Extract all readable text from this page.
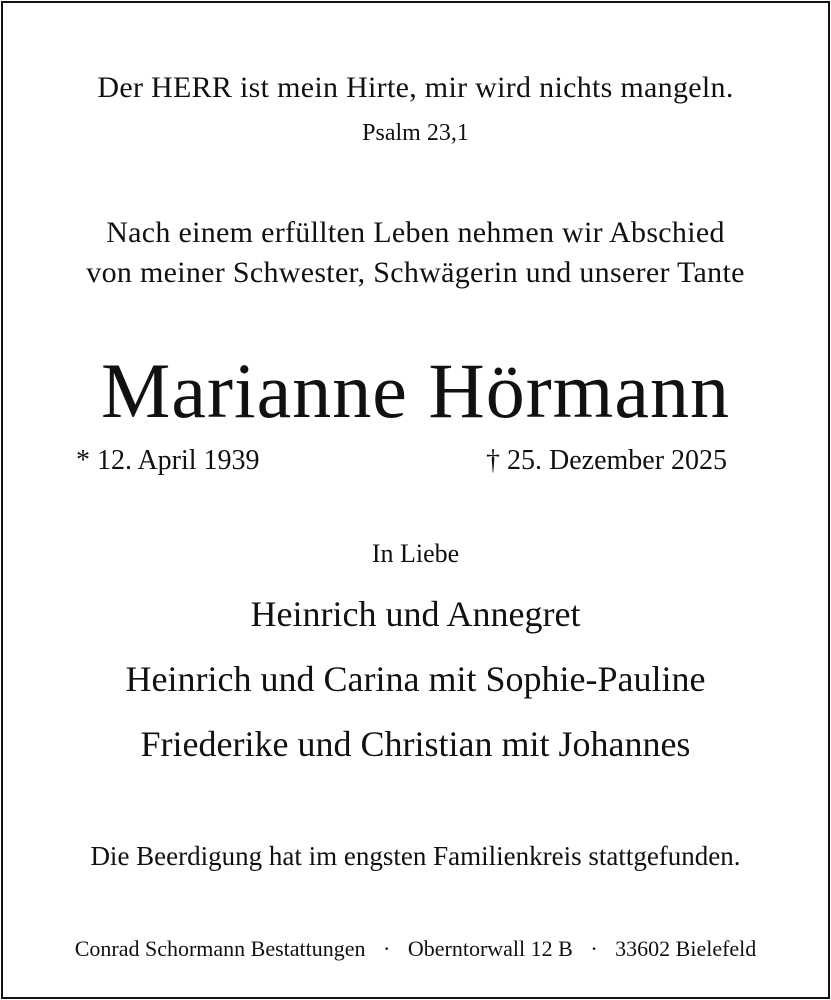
Der HERR ist mein Hirte, mir wird nichts mangeln.
Psalm 23,1
Nach einem erfüllten Leben nehmen wir Abschied
von meiner Schwester, Schwägerin und unserer Tante
Marianne Hörmann
* 12. April 1939	† 25. Dezember 2025
In Liebe
Heinrich und Annegret
Heinrich und Carina mit Sophie-Pauline
Friederike und Christian mit Johannes
Die Beerdigung hat im engsten Familienkreis stattgefunden.
Conrad Schormann Bestattungen · Oberntorwall 12 B · 33602 Bielefeld
